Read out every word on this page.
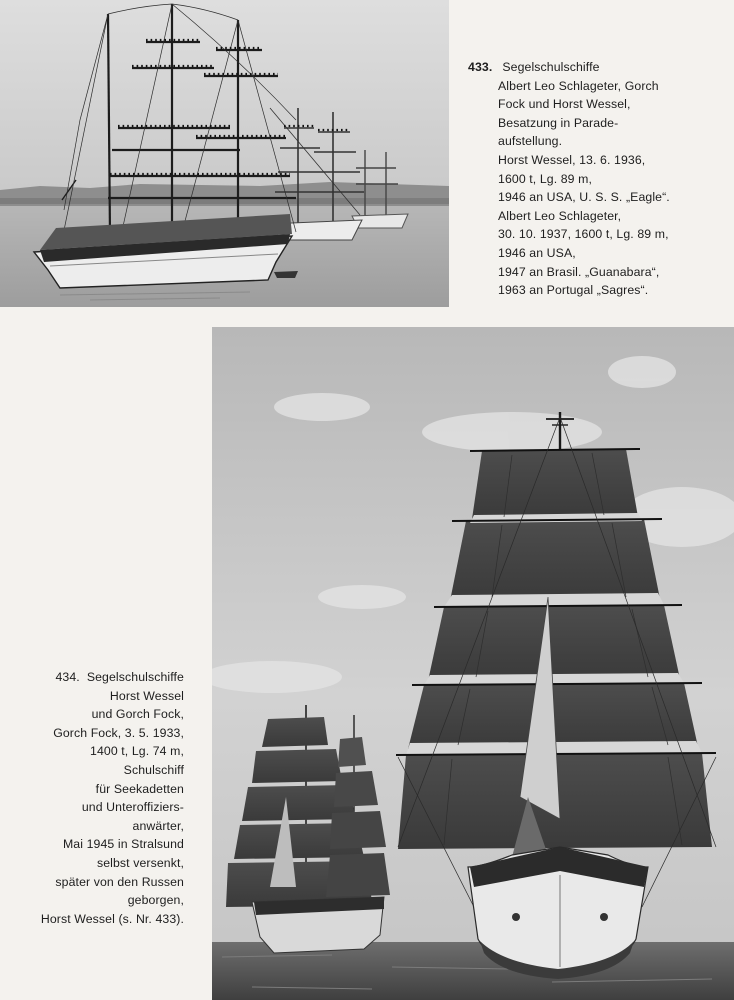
433. Segelschulschiffe
Albert Leo Schlageter, Gorch
Fock und Horst Wessel,
Besatzung in Parade-
aufstellung.
Horst Wessel, 13. 6. 1936,
1600 t, Lg. 89 m,
1946 an USA, U. S. S. „Eagle“.
Albert Leo Schlageter,
30. 10. 1937, 1600 t, Lg. 89 m,
1946 an USA,
1947 an Brasil. „Guanabara“,
1963 an Portugal „Sagres“.
434. Segelschulschiffe
Horst Wessel
und Gorch Fock,
Gorch Fock, 3. 5. 1933,
1400 t, Lg. 74 m,
Schulschiff
für Seekadetten
und Unteroffiziers-
anwärter,
Mai 1945 in Stralsund
selbst versenkt,
später von den Russen
geborgen,
Horst Wessel (s. Nr. 433).
